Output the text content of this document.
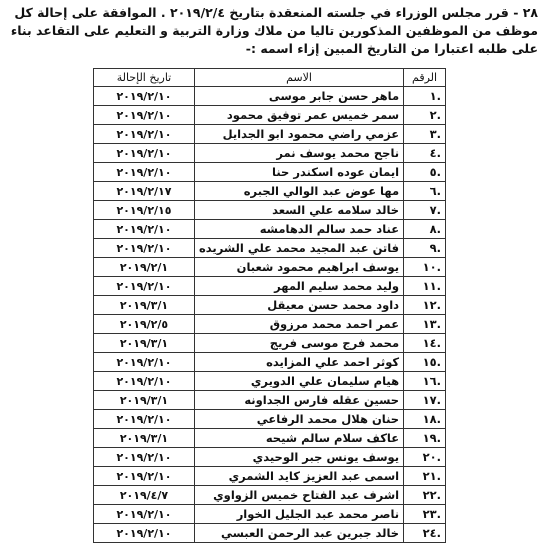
٢٨ - قرر مجلس الوزراء في جلسته المنعقدة بتاريخ ٢٠١٩/٢/٤ . الموافقة على إحالة كل موظف من الموظفين المذكورين تاليا من ملاك وزارة التربية و التعليم على التقاعد بناء على طلبه اعتبارا من التاريخ المبين إزاء اسمه :-
الرقم	الاسم	تاريخ الإحالة
.١	ماهر حسن جابر موسى	٢٠١٩/٢/١٠
.٢	سمر خميس عمر توفيق محمود	٢٠١٩/٢/١٠
.٣	عزمي راضي محمود ابو الجدايل	٢٠١٩/٢/١٠
.٤	ناجح محمد يوسف نمر	٢٠١٩/٢/١٠
.٥	ايمان عوده اسكندر حنا	٢٠١٩/٢/١٠
.٦	مها عوض عبد الوالي الجبره	٢٠١٩/٢/١٧
.٧	خالد سلامه علي السعد	٢٠١٩/٢/١٥
.٨	عناد حمد سالم الدهامشه	٢٠١٩/٢/١٠
.٩	فاتن عبد المجيد محمد علي الشريده	٢٠١٩/٢/١٠
.١٠	يوسف ابراهيم محمود شعبان	٢٠١٩/٢/١
.١١	وليد محمد سليم المهر	٢٠١٩/٢/١٠
.١٢	داود محمد حسن معيقل	٢٠١٩/٣/١
.١٣	عمر احمد محمد مرزوق	٢٠١٩/٢/٥
.١٤	محمد فرج موسى فريج	٢٠١٩/٣/١
.١٥	كوثر احمد علي المزايده	٢٠١٩/٢/١٠
.١٦	هيام سليمان علي الدويري	٢٠١٩/٢/١٠
.١٧	حسين عقله فارس الجداونه	٢٠١٩/٣/١
.١٨	حنان هلال محمد الرفاعي	٢٠١٩/٢/١٠
.١٩	عاكف سلام سالم شيحه	٢٠١٩/٣/١
.٢٠	يوسف يونس جبر الوحيدي	٢٠١٩/٢/١٠
.٢١	اسمى عبد العزيز كايد الشمري	٢٠١٩/٢/١٠
.٢٢	اشرف عبد الفتاح خميس الزواوي	٢٠١٩/٤/٧
.٢٣	ناصر محمد عبد الجليل الخوار	٢٠١٩/٢/١٠
.٢٤	خالد جبرين عبد الرحمن العبسي	٢٠١٩/٢/١٠
